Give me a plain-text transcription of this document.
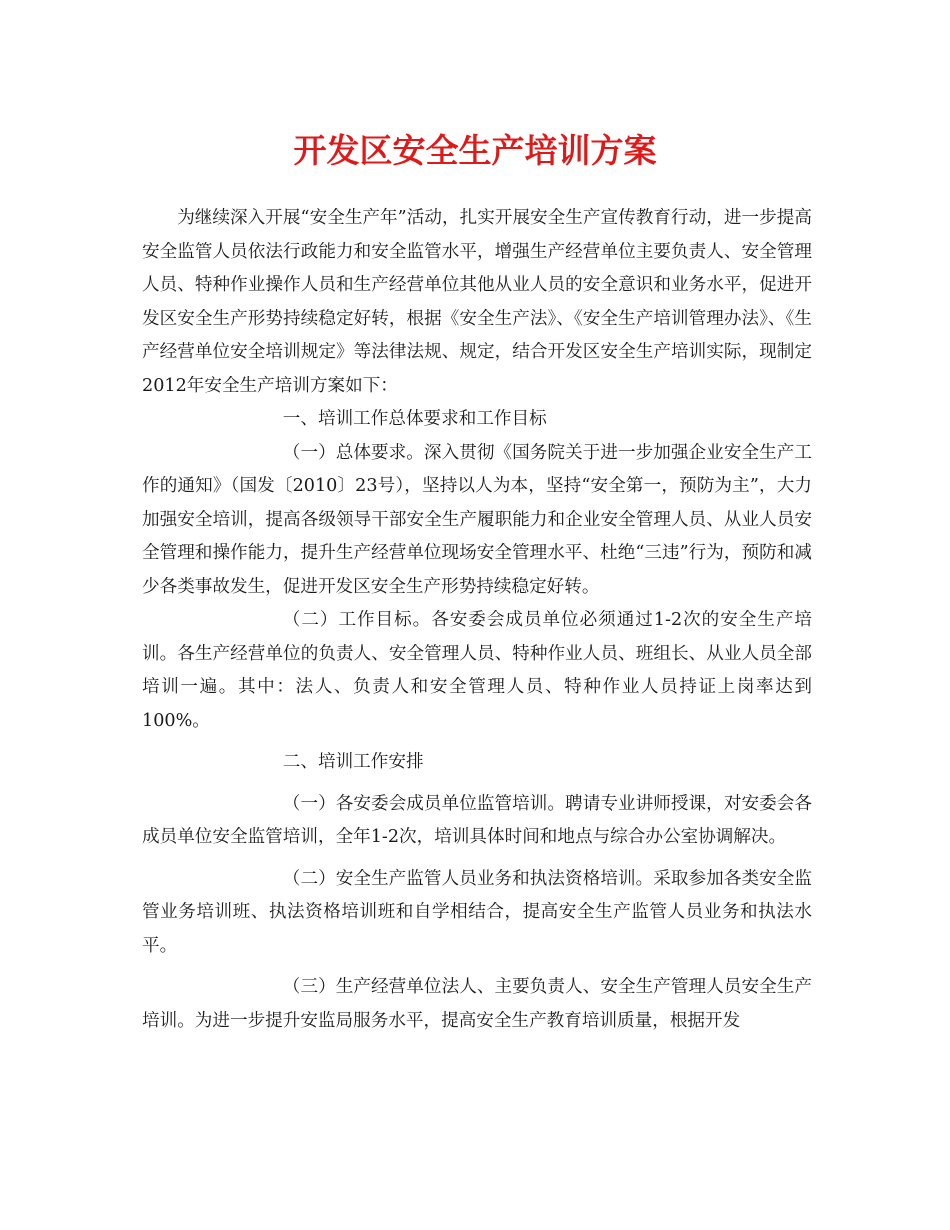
开发区安全生产培训方案

为继续深入开展“安全生产年”活动，扎实开展安全生产宣传教育行动，进一步提高安全监管人员依法行政能力和安全监管水平，增强生产经营单位主要负责人、安全管理人员、特种作业操作人员和生产经营单位其他从业人员的安全意识和业务水平，促进开发区安全生产形势持续稳定好转，根据《安全生产法》、《安全生产培训管理办法》、《生产经营单位安全培训规定》等法律法规、规定，结合开发区安全生产培训实际，现制定2012年安全生产培训方案如下：

一、培训工作总体要求和工作目标

（一）总体要求。深入贯彻《国务院关于进一步加强企业安全生产工作的通知》（国发〔2010〕23号），坚持以人为本，坚持“安全第一，预防为主”，大力加强安全培训，提高各级领导干部安全生产履职能力和企业安全管理人员、从业人员安全管理和操作能力，提升生产经营单位现场安全管理水平、杜绝“三违”行为，预防和减少各类事故发生，促进开发区安全生产形势持续稳定好转。

（二）工作目标。各安委会成员单位必须通过1-2次的安全生产培训。各生产经营单位的负责人、安全管理人员、特种作业人员、班组长、从业人员全部培训一遍。其中：法人、负责人和安全管理人员、特种作业人员持证上岗率达到100%。

二、培训工作安排

（一）各安委会成员单位监管培训。聘请专业讲师授课，对安委会各成员单位安全监管培训，全年1-2次，培训具体时间和地点与综合办公室协调解决。

（二）安全生产监管人员业务和执法资格培训。采取参加各类安全监管业务培训班、执法资格培训班和自学相结合，提高安全生产监管人员业务和执法水平。

（三）生产经营单位法人、主要负责人、安全生产管理人员安全生产培训。为进一步提升安监局服务水平，提高安全生产教育培训质量，根据开发
